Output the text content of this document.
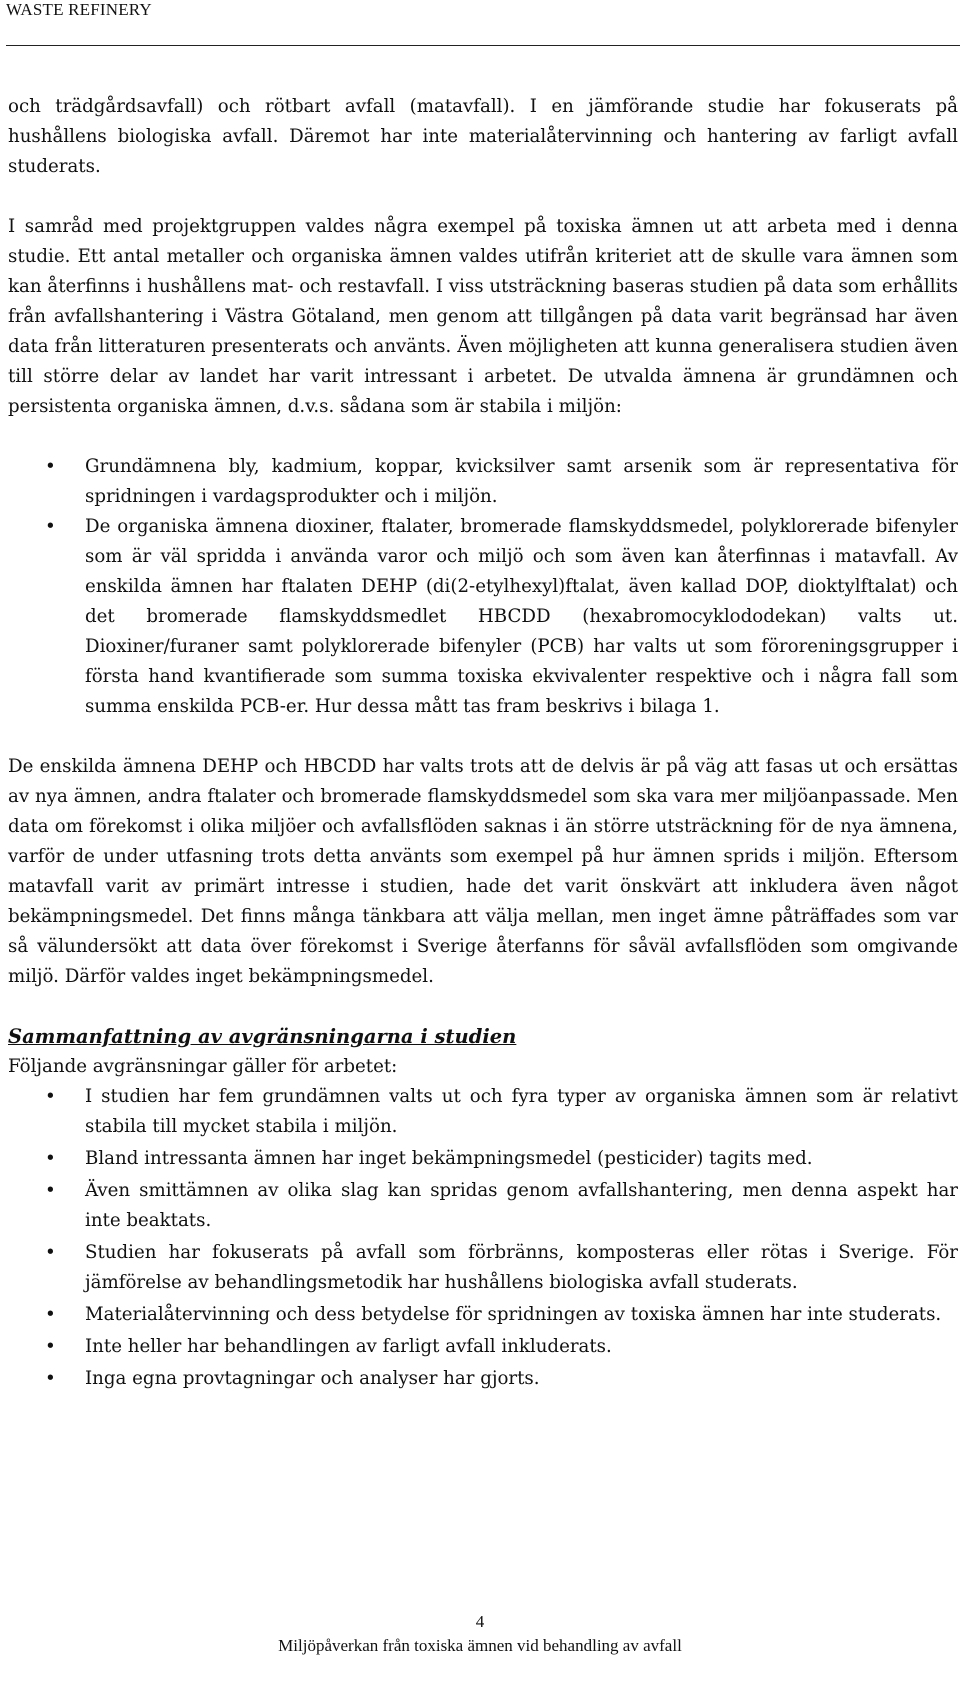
WASTE REFINERY

och trädgårdsavfall) och rötbart avfall (matavfall). I en jämförande studie har fokuserats på hushållens biologiska avfall. Däremot har inte materialåtervinning och hantering av farligt avfall studerats.

I samråd med projektgruppen valdes några exempel på toxiska ämnen ut att arbeta med i denna studie. Ett antal metaller och organiska ämnen valdes utifrån kriteriet att de skulle vara ämnen som kan återfinns i hushållens mat- och restavfall. I viss utsträckning baseras studien på data som erhållits från avfallshantering i Västra Götaland, men genom att tillgången på data varit begränsad har även data från litteraturen presenterats och använts. Även möjligheten att kunna generalisera studien även till större delar av landet har varit intressant i arbetet. De utvalda ämnena är grundämnen och persistenta organiska ämnen, d.v.s. sådana som är stabila i miljön:

• Grundämnena bly, kadmium, koppar, kvicksilver samt arsenik som är representativa för spridningen i vardagsprodukter och i miljön.
• De organiska ämnena dioxiner, ftalater, bromerade flamskyddsmedel, polyklorerade bifenyler som är väl spridda i använda varor och miljö och som även kan återfinnas i matavfall. Av enskilda ämnen har ftalaten DEHP (di(2-etylhexyl)ftalat, även kallad DOP, dioktylftalat) och det bromerade flamskyddsmedlet HBCDD (hexabromocyklododekan) valts ut. Dioxiner/furaner samt polyklorerade bifenyler (PCB) har valts ut som föroreningsgrupper i första hand kvantifierade som summa toxiska ekvivalenter respektive och i några fall som summa enskilda PCB-er. Hur dessa mått tas fram beskrivs i bilaga 1.

De enskilda ämnena DEHP och HBCDD har valts trots att de delvis är på väg att fasas ut och ersättas av nya ämnen, andra ftalater och bromerade flamskyddsmedel som ska vara mer miljöanpassade. Men data om förekomst i olika miljöer och avfallsflöden saknas i än större utsträckning för de nya ämnena, varför de under utfasning trots detta använts som exempel på hur ämnen sprids i miljön. Eftersom matavfall varit av primärt intresse i studien, hade det varit önskvärt att inkludera även något bekämpningsmedel. Det finns många tänkbara att välja mellan, men inget ämne påträffades som var så välundersökt att data över förekomst i Sverige återfanns för såväl avfallsflöden som omgivande miljö. Därför valdes inget bekämpningsmedel.

Sammanfattning av avgränsningarna i studien

Följande avgränsningar gäller för arbetet:

• I studien har fem grundämnen valts ut och fyra typer av organiska ämnen som är relativt stabila till mycket stabila i miljön.
• Bland intressanta ämnen har inget bekämpningsmedel (pesticider) tagits med.
• Även smittämnen av olika slag kan spridas genom avfallshantering, men denna aspekt har inte beaktats.
• Studien har fokuserats på avfall som förbränns, komposteras eller rötas i Sverige. För jämförelse av behandlingsmetodik har hushållens biologiska avfall studerats.
• Materialåtervinning och dess betydelse för spridningen av toxiska ämnen har inte studerats.
• Inte heller har behandlingen av farligt avfall inkluderats.
• Inga egna provtagningar och analyser har gjorts.
4
Miljöpåverkan från toxiska ämnen vid behandling av avfall
